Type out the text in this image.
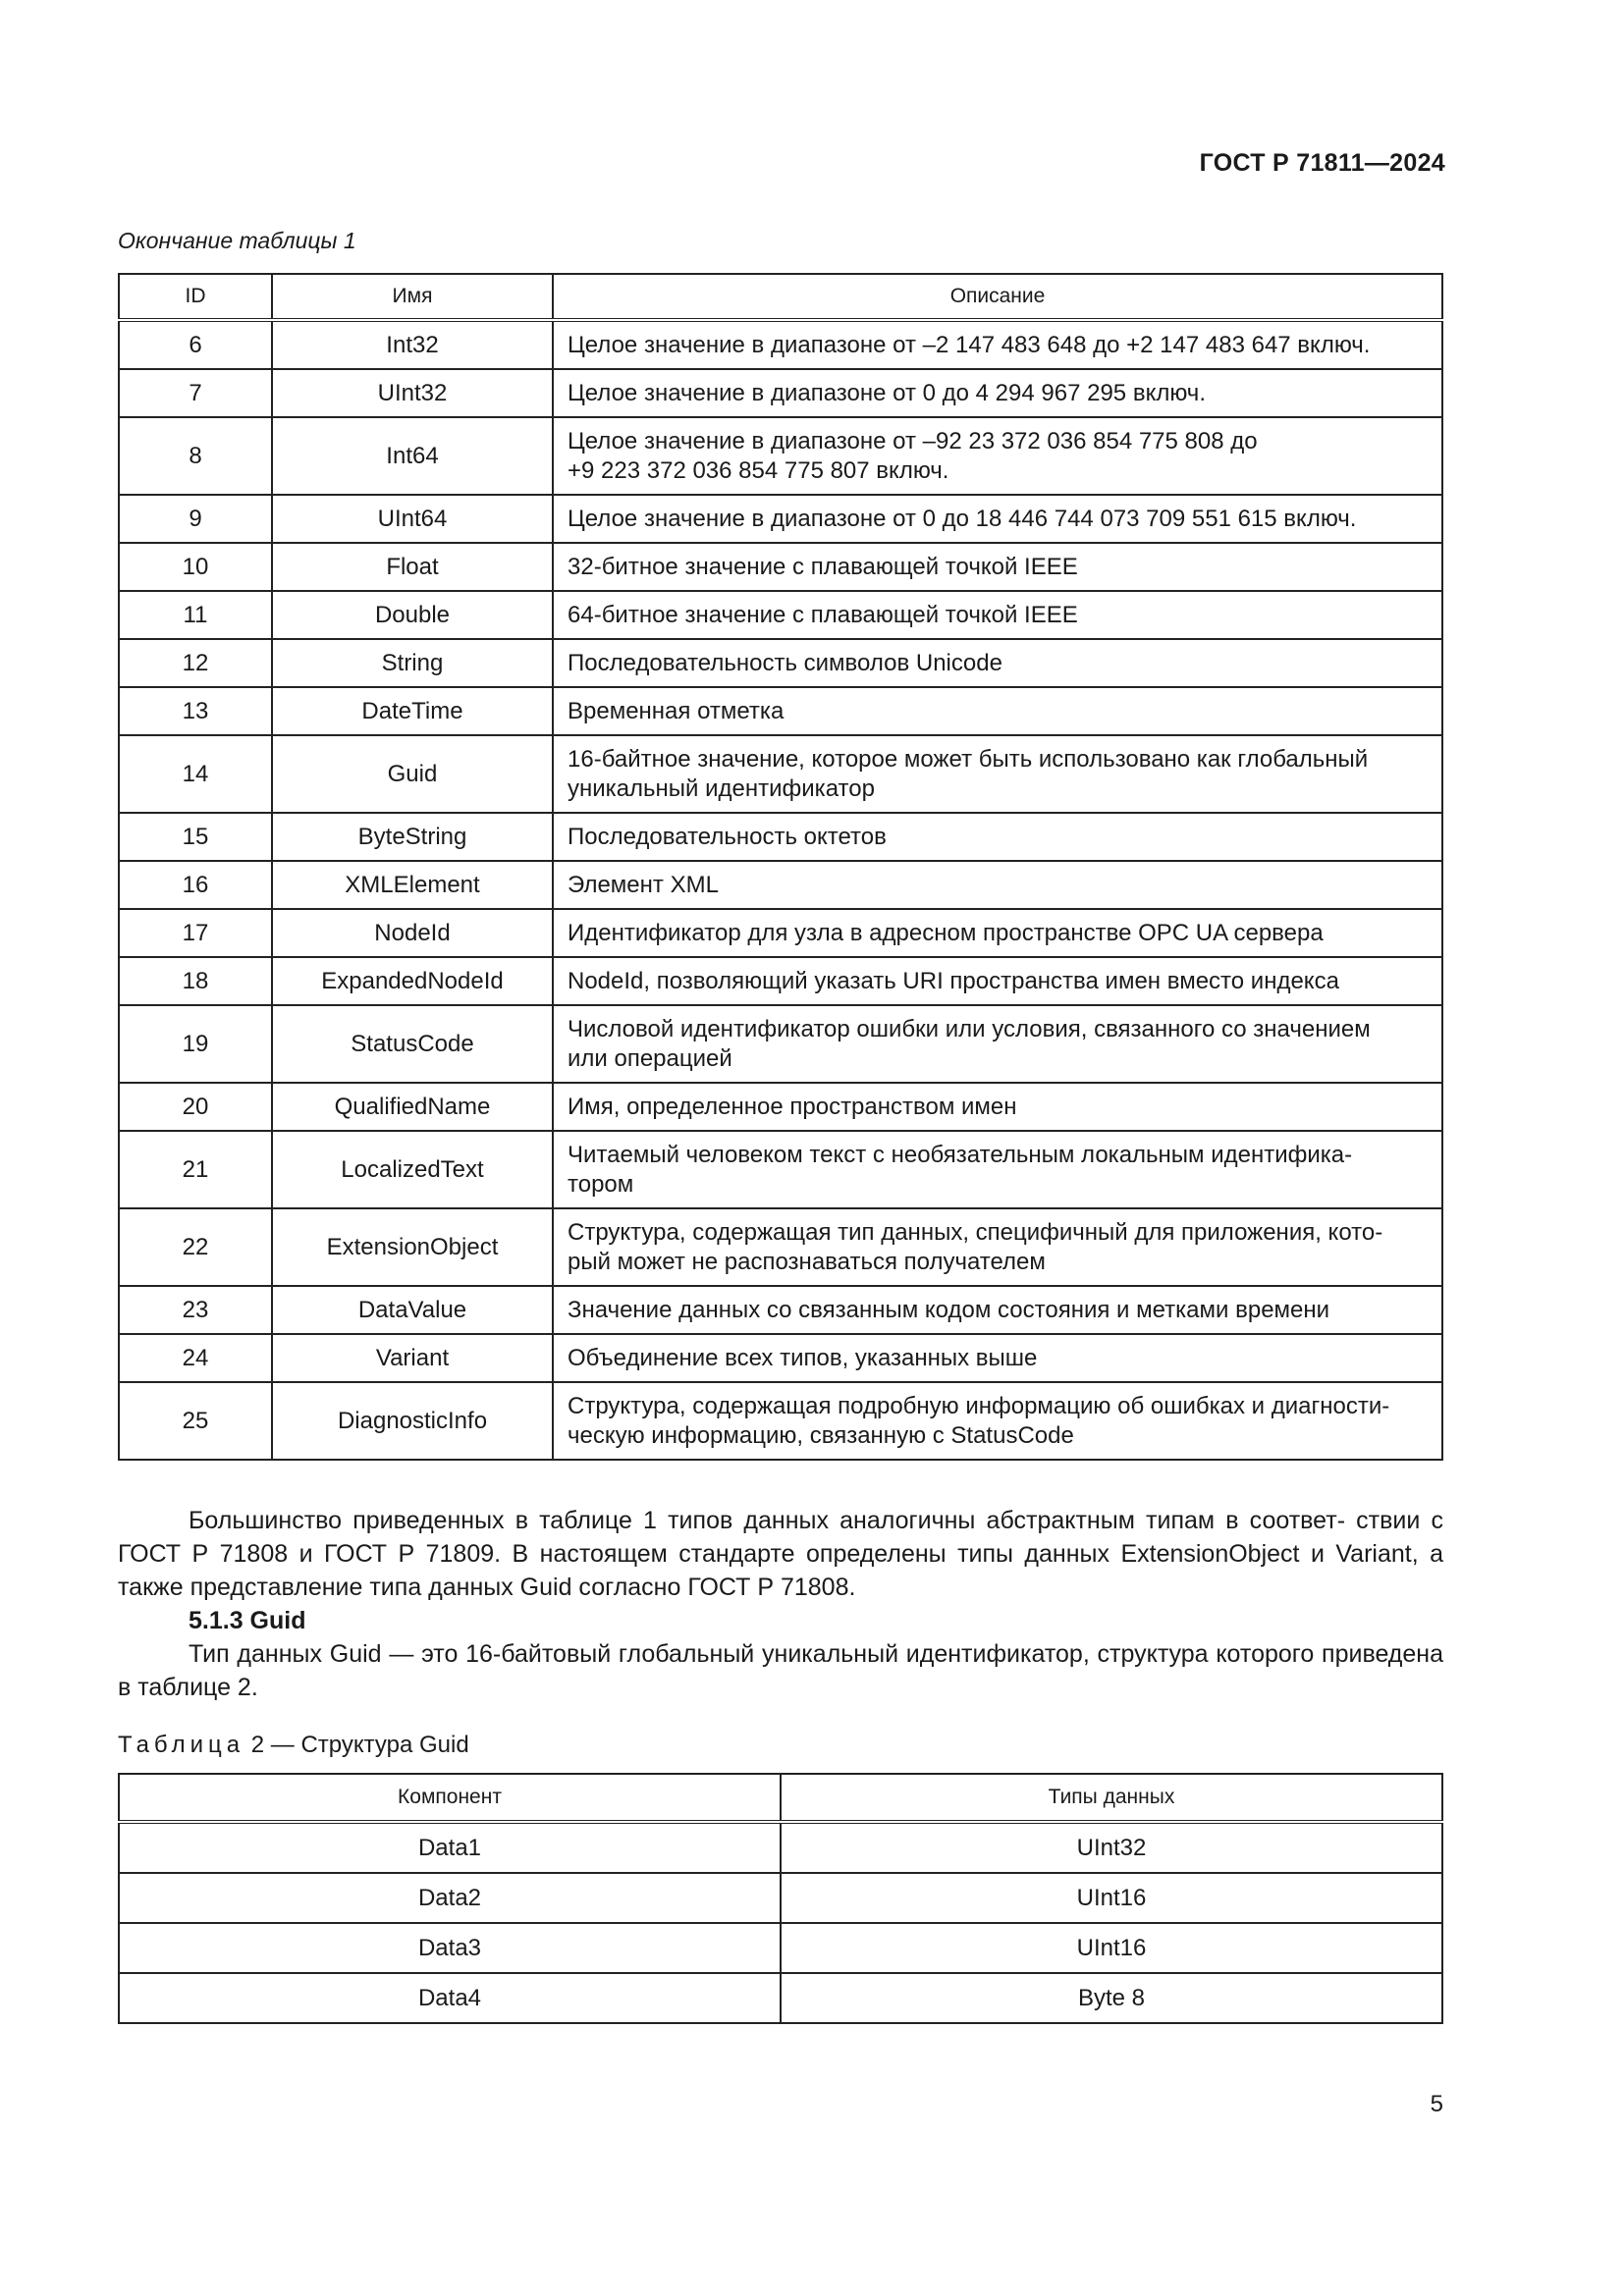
ГОСТ Р 71811—2024
Окончание таблицы 1
ID	Имя	Описание
6	Int32	Целое значение в диапазоне от –2 147 483 648 до +2 147 483 647 включ.
7	UInt32	Целое значение в диапазоне от 0 до 4 294 967 295 включ.
8	Int64	Целое значение в диапазоне от –92 23 372 036 854 775 808 до
+9 223 372 036 854 775 807 включ.

9	UInt64	Целое значение в диапазоне от 0 до 18 446 744 073 709 551 615 включ.
10	Float	32-битное значение с плавающей точкой IEEE
11	Double	64-битное значение с плавающей точкой IEEE
12	String	Последовательность символов Unicode
13	DateTime	Временная отметка
14	Guid	16-байтное значение, которое может быть использовано как глобальный
уникальный идентификатор

15	ByteString	Последовательность октетов
16	XMLElement	Элемент XML
17	NodeId	Идентификатор для узла в адресном пространстве OPC UA сервера
18	ExpandedNodeId	NodeId, позволяющий указать URI пространства имен вместо индекса
19	StatusCode	Числовой идентификатор ошибки или условия, связанного со значением
или операцией

20	QualifiedName	Имя, определенное пространством имен
21	LocalizedText	Читаемый человеком текст с необязательным локальным идентифика-
тором

22	ExtensionObject	Структура, содержащая тип данных, специфичный для приложения, кото-
рый может не распознаваться получателем

23	DataValue	Значение данных со связанным кодом состояния и метками времени
24	Variant	Объединение всех типов, указанных выше
25	DiagnosticInfo	Структура, содержащая подробную информацию об ошибках и диагности-
ческую информацию, связанную с StatusCode

Большинство приведенных в таблице 1 типов данных аналогичны абстрактным типам в соответ- ствии с ГОСТ Р 71808 и ГОСТ Р 71809. В настоящем стандарте определены типы данных ExtensionObject и Variant, а также представление типа данных Guid согласно ГОСТ Р 71808.

5.1.3 Guid

Тип данных Guid — это 16-байтовый глобальный уникальный идентификатор, структура которого приведена в таблице 2.

Таблица 2 — Структура Guid
Компонент	Типы данных
Data1	UInt32
Data2	UInt16
Data3	UInt16
Data4	Byte 8
5
